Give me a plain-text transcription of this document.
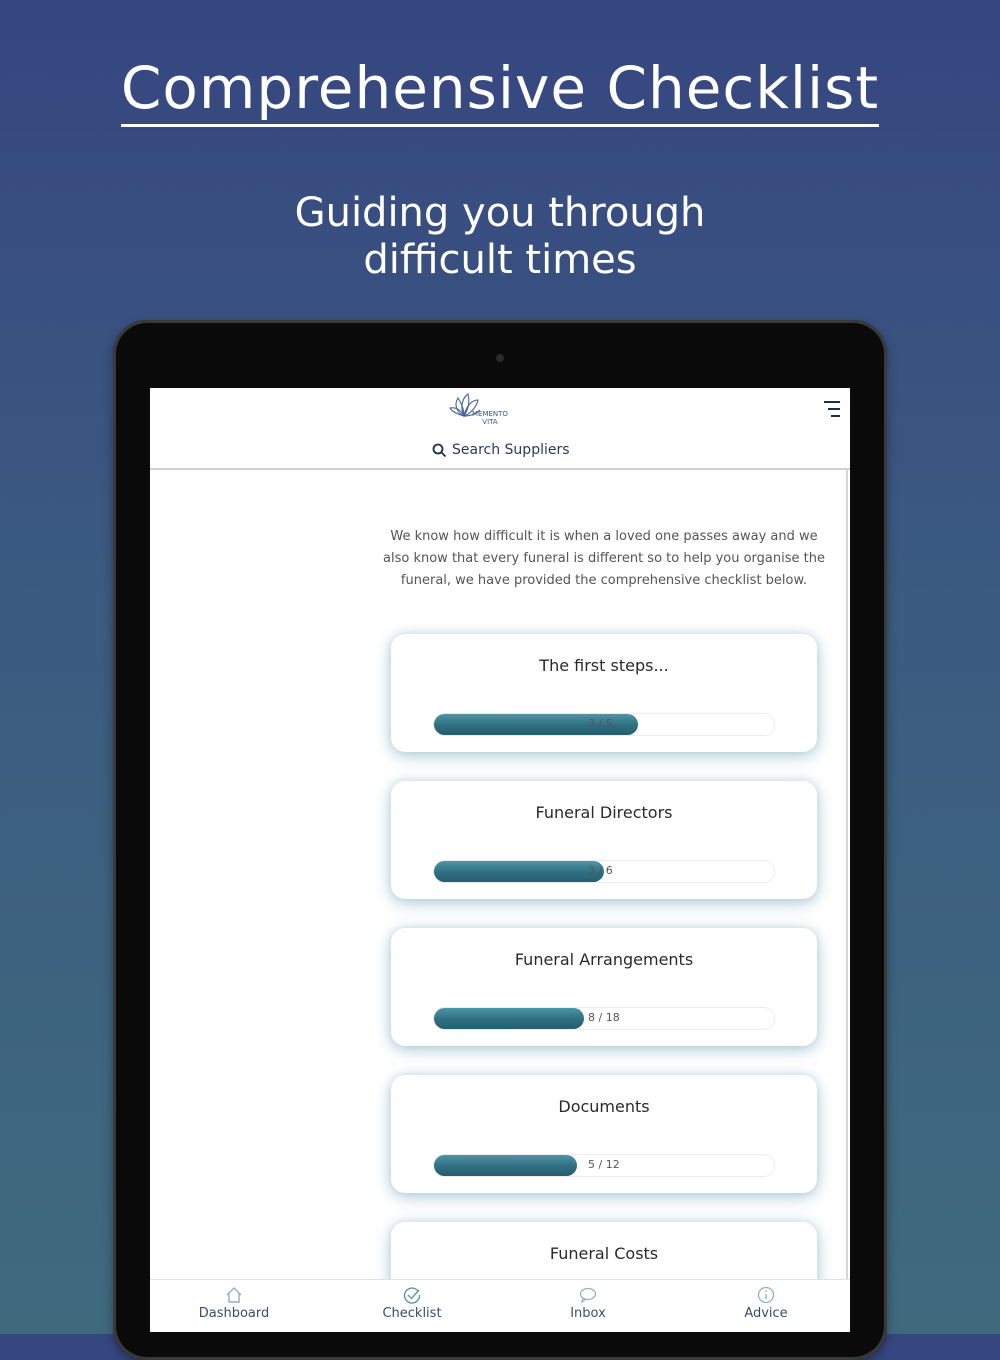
Comprehensive Checklist
Guiding you through
difficult times
MEMENTO
VITA
Search Suppliers
We know how difficult it is when a loved one passes away and we also know that every funeral is different so to help you organise the funeral, we have provided the comprehensive checklist below.
The first steps...
3 / 5
Funeral Directors
3 / 6
Funeral Arrangements
8 / 18
Documents
5 / 12
Funeral Costs
Dashboard	Checklist	Inbox	Advice
